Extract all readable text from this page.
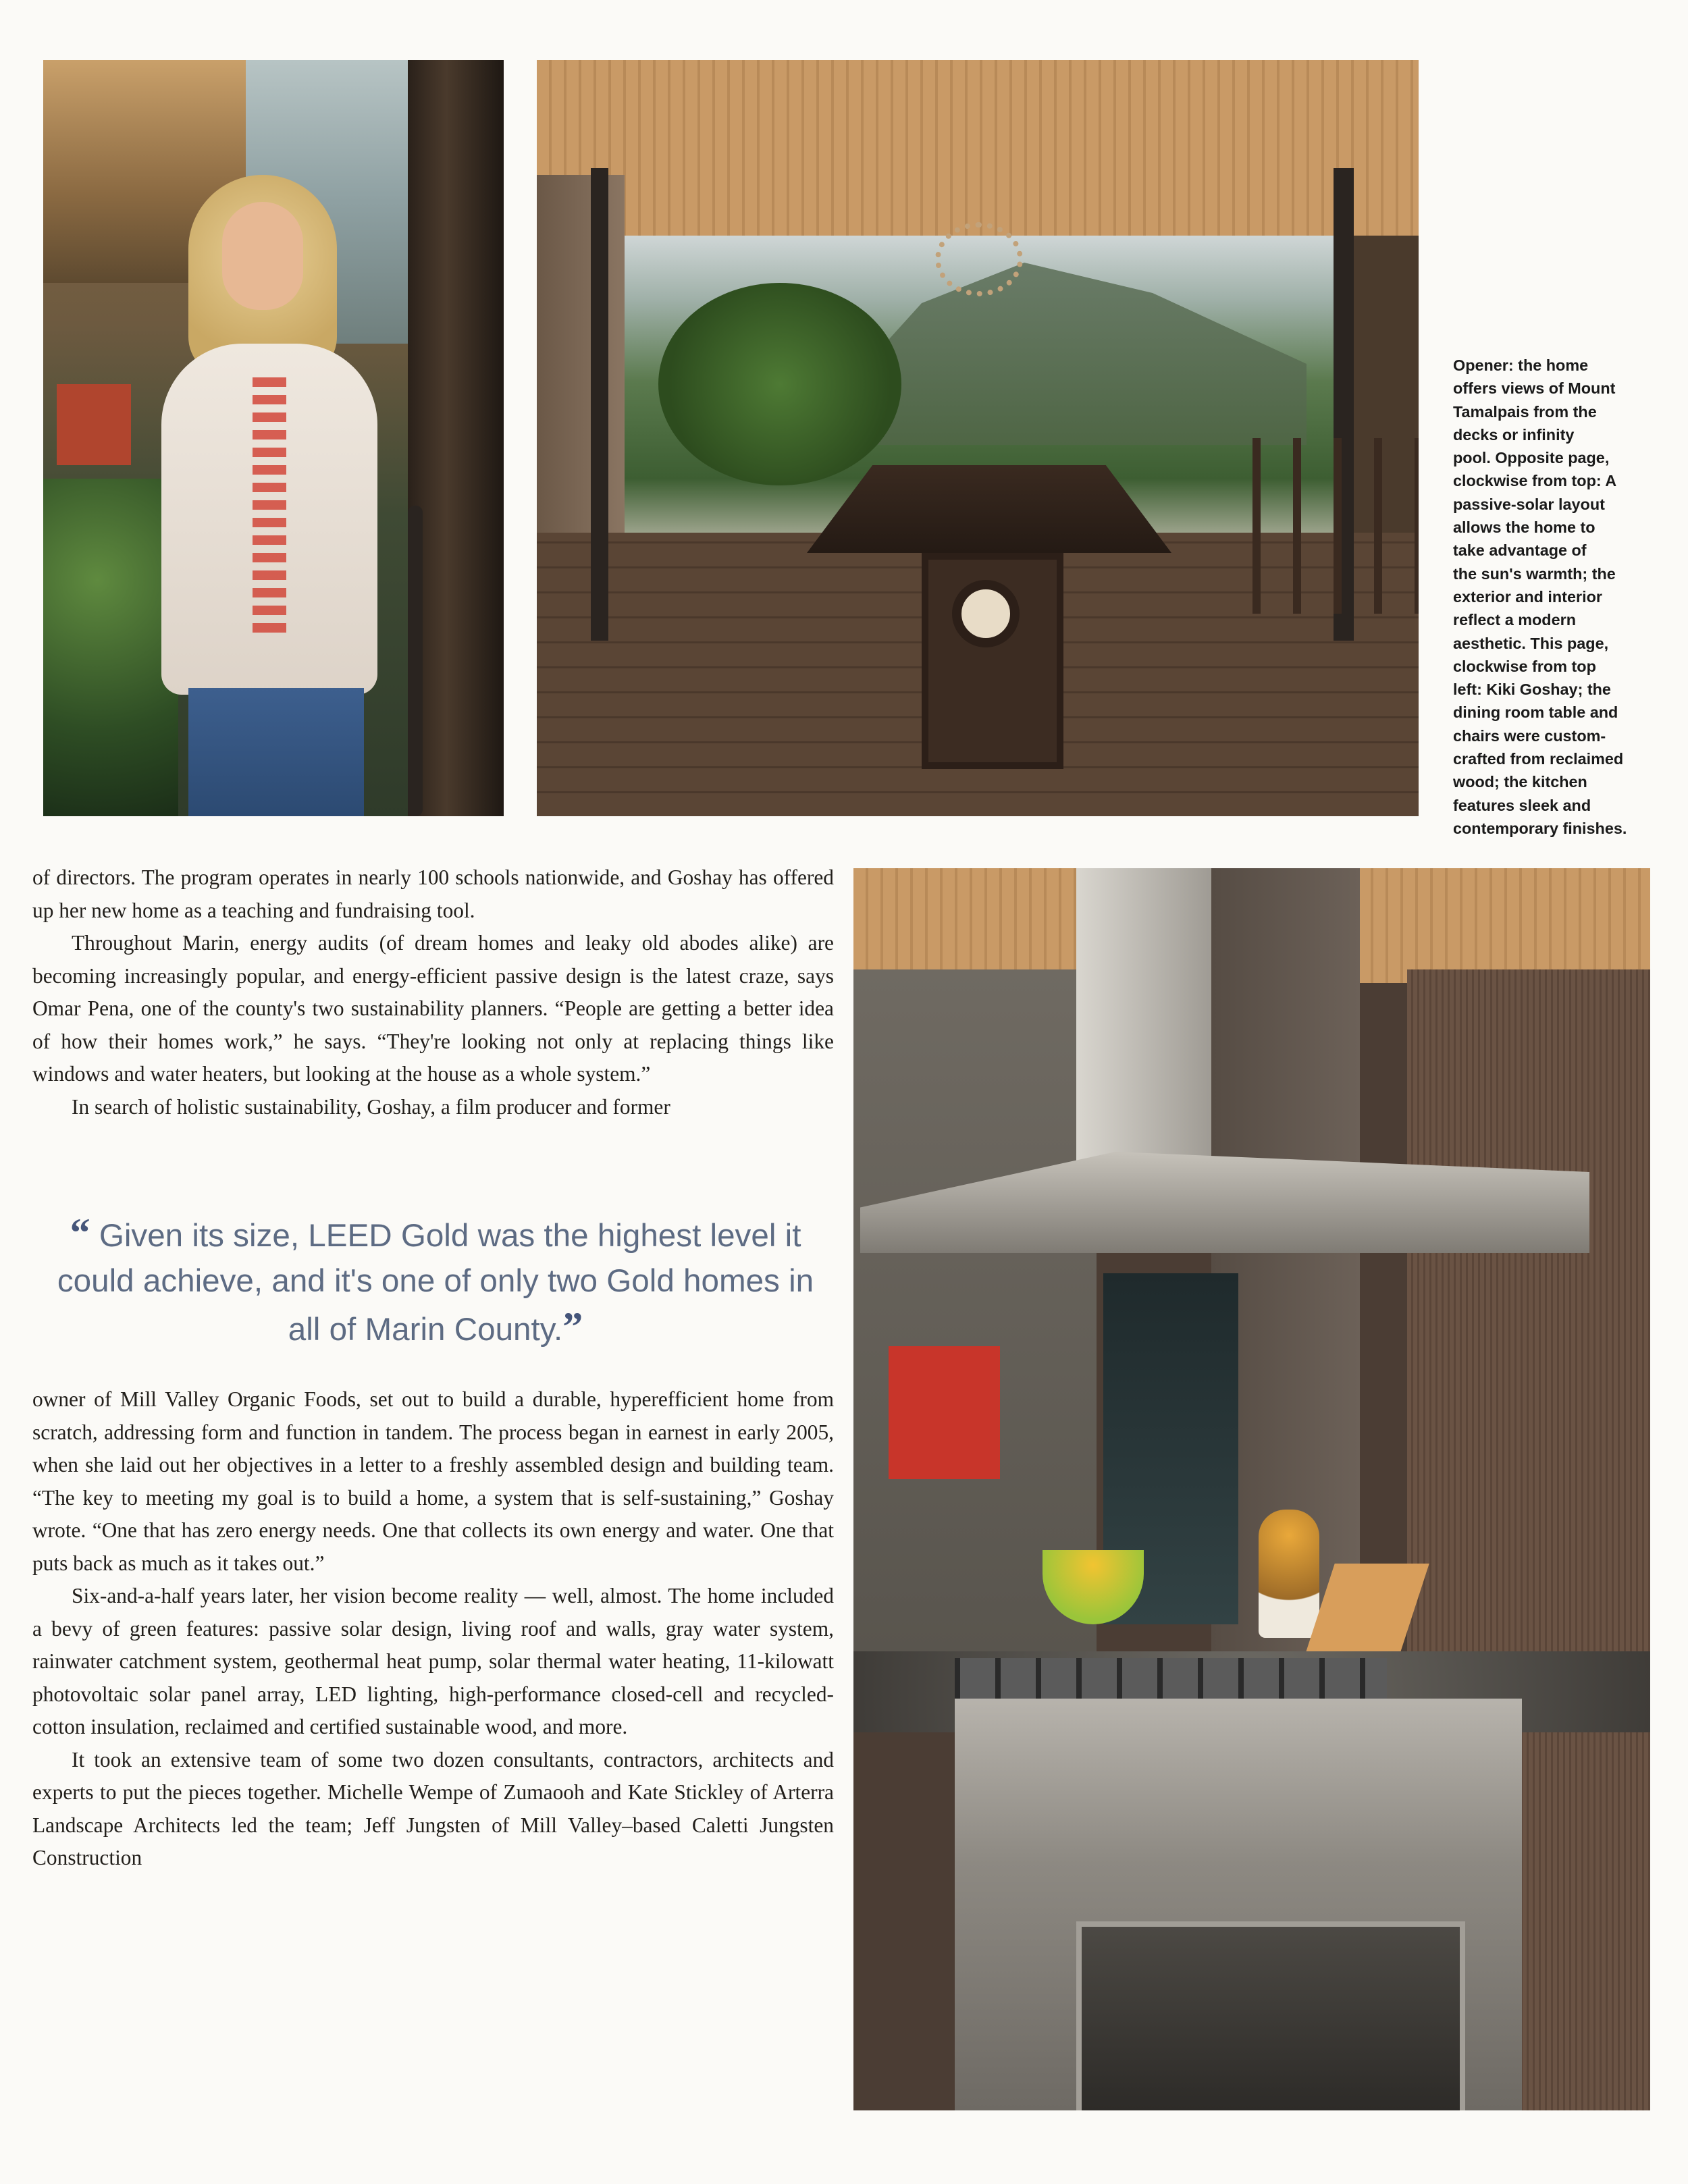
Opener: the home
offers views of Mount
Tamalpais from the
decks or infinity
pool. Opposite page,
clockwise from top: A
passive-solar layout
allows the home to
take advantage of
the sun's warmth; the
exterior and interior
reflect a modern
aesthetic. This page,
clockwise from top
left: Kiki Goshay; the
dining room table and
chairs were custom-
crafted from reclaimed
wood; the kitchen
features sleek and
contemporary finishes.

of directors. The program operates in nearly 100 schools nationwide, and Goshay has offered up her new home as a teaching and fundraising tool.

Throughout Marin, energy audits (of dream homes and leaky old abodes alike) are becoming increasingly popular, and energy-efficient passive design is the latest craze, says Omar Pena, one of the county's two sustainability planners. “People are getting a better idea of how their homes work,” he says. “They're looking not only at replacing things like windows and water heaters, but looking at the house as a whole system.”

In search of holistic sustainability, Goshay, a film producer and former

“ Given its size, LEED Gold was the highest level it could achieve, and it's one of only two Gold homes in all of Marin County.”

owner of Mill Valley Organic Foods, set out to build a durable, hyperefficient home from scratch, addressing form and function in tandem. The process began in earnest in early 2005, when she laid out her objectives in a letter to a freshly assembled design and building team. “The key to meeting my goal is to build a home, a system that is self-sustaining,” Goshay wrote. “One that has zero energy needs. One that collects its own energy and water. One that puts back as much as it takes out.”

Six-and-a-half years later, her vision become reality — well, almost. The home included a bevy of green features: passive solar design, living roof and walls, gray water system, rainwater catchment system, geothermal heat pump, solar thermal water heating, 11-kilowatt photovoltaic solar panel array, LED lighting, high-performance closed-cell and recycled-cotton insulation, reclaimed and certified sustainable wood, and more.

It took an extensive team of some two dozen consultants, contractors, architects and experts to put the pieces together. Michelle Wempe of Zumaooh and Kate Stickley of Arterra Landscape Architects led the team; Jeff Jungsten of Mill Valley–based Caletti Jungsten Construction
